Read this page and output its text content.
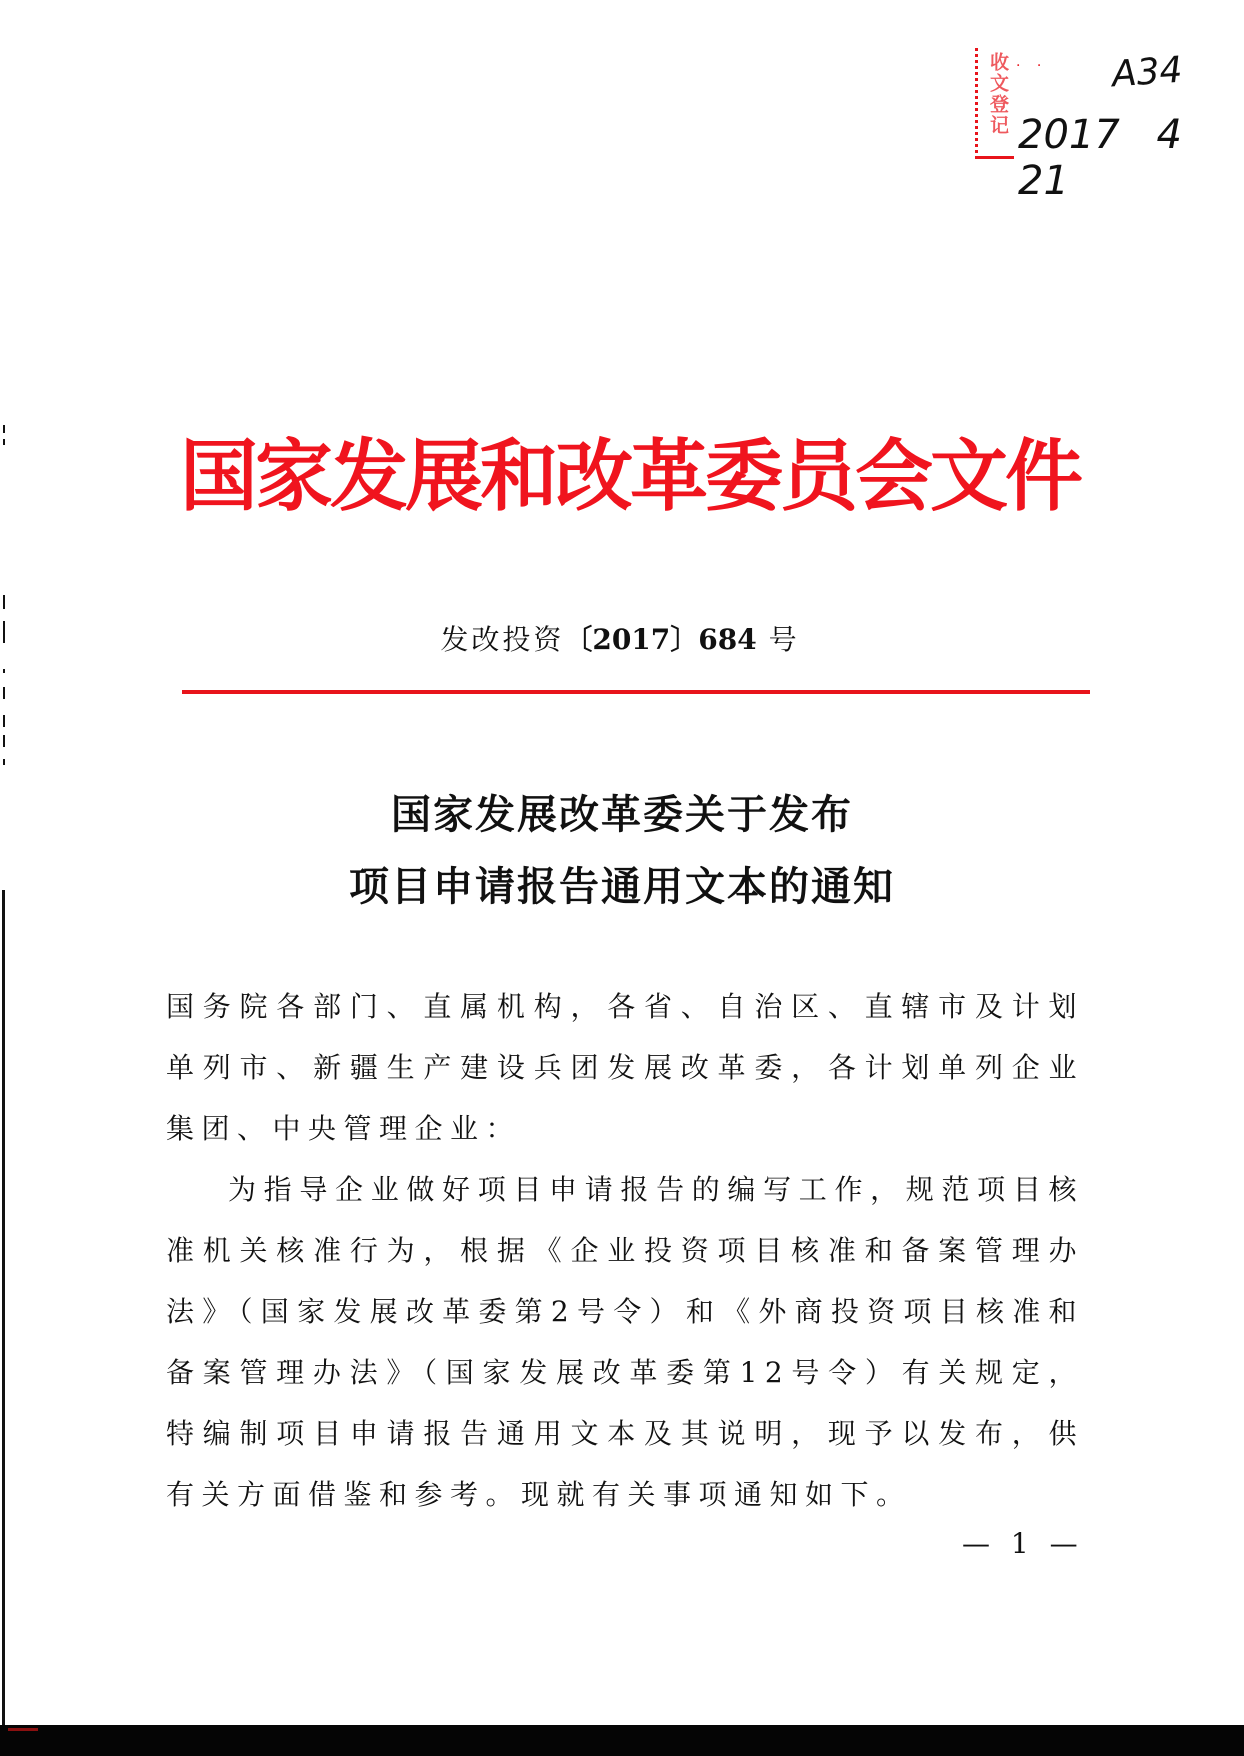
收文登记 · · A34
2017 4 21
国家发展和改革委员会文件
发改投资〔2017〕684 号
国家发展改革委关于发布
项目申请报告通用文本的通知

国务院各部门、直属机构，各省、自治区、直辖市及计划单列市、新疆生产建设兵团发展改革委，各计划单列企业集团、中央管理企业：

为指导企业做好项目申请报告的编写工作，规范项目核准机关核准行为，根据《企业投资项目核准和备案管理办法》（国家发展改革委第2号令）和《外商投资项目核准和备案管理办法》（国家发展改革委第12号令）有关规定，特编制项目申请报告通用文本及其说明，现予以发布，供有关方面借鉴和参考。现就有关事项通知如下。

— 1 —
